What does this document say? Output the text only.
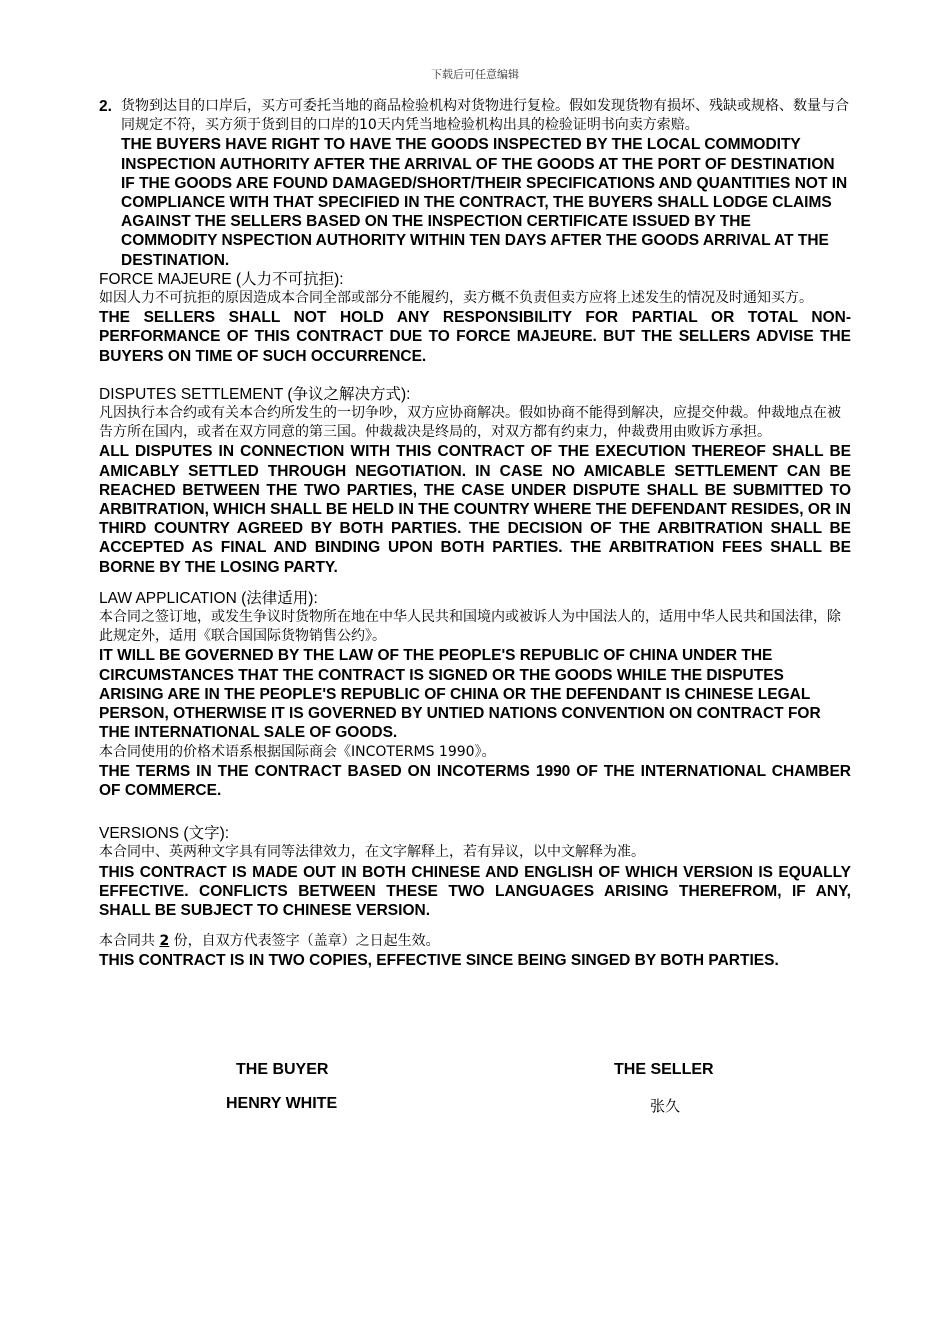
下载后可任意编辑
2. 货物到达目的口岸后，买方可委托当地的商品检验机构对货物进行复检。假如发现货物有损坏、残缺或规格、数量与合同规定不符，买方须于货到目的口岸的10天内凭当地检验机构出具的检验证明书向卖方索赔。
THE BUYERS HAVE RIGHT TO HAVE THE GOODS INSPECTED BY THE LOCAL COMMODITY INSPECTION AUTHORITY AFTER THE ARRIVAL OF THE GOODS AT THE PORT OF DESTINATION IF THE GOODS ARE FOUND DAMAGED/SHORT/THEIR SPECIFICATIONS AND QUANTITIES NOT IN COMPLIANCE WITH THAT SPECIFIED IN THE CONTRACT, THE BUYERS SHALL LODGE CLAIMS AGAINST THE SELLERS BASED ON THE INSPECTION CERTIFICATE ISSUED BY THE COMMODITY NSPECTION AUTHORITY WITHIN TEN DAYS AFTER THE GOODS ARRIVAL AT THE DESTINATION.
FORCE MAJEURE (人力不可抗拒):
如因人力不可抗拒的原因造成本合同全部或部分不能履约，卖方概不负责但卖方应将上述发生的情况及时通知买方。
THE SELLERS SHALL NOT HOLD ANY RESPONSIBILITY FOR PARTIAL OR TOTAL NON-PERFORMANCE OF THIS CONTRACT DUE TO FORCE MAJEURE. BUT THE SELLERS ADVISE THE BUYERS ON TIME OF SUCH OCCURRENCE.
DISPUTES SETTLEMENT (争议之解决方式):
凡因执行本合约或有关本合约所发生的一切争吵，双方应协商解决。假如协商不能得到解决，应提交仲裁。仲裁地点在被告方所在国内，或者在双方同意的第三国。仲裁裁决是终局的，对双方都有约束力，仲裁费用由败诉方承担。
ALL DISPUTES IN CONNECTION WITH THIS CONTRACT OF THE EXECUTION THEREOF SHALL BE AMICABLY SETTLED THROUGH NEGOTIATION. IN CASE NO AMICABLE SETTLEMENT CAN BE REACHED BETWEEN THE TWO PARTIES, THE CASE UNDER DISPUTE SHALL BE SUBMITTED TO ARBITRATION, WHICH SHALL BE HELD IN THE COUNTRY WHERE THE DEFENDANT RESIDES, OR IN THIRD COUNTRY AGREED BY BOTH PARTIES. THE DECISION OF THE ARBITRATION SHALL BE ACCEPTED AS FINAL AND BINDING UPON BOTH PARTIES. THE ARBITRATION FEES SHALL BE BORNE BY THE LOSING PARTY.
LAW APPLICATION (法律适用):
本合同之签订地，或发生争议时货物所在地在中华人民共和国境内或被诉人为中国法人的，适用中华人民共和国法律，除此规定外，适用《联合国国际货物销售公约》。
IT WILL BE GOVERNED BY THE LAW OF THE PEOPLE'S REPUBLIC OF CHINA UNDER THE CIRCUMSTANCES THAT THE CONTRACT IS SIGNED OR THE GOODS WHILE THE DISPUTES ARISING ARE IN THE PEOPLE'S REPUBLIC OF CHINA OR THE DEFENDANT IS CHINESE LEGAL PERSON, OTHERWISE IT IS GOVERNED BY UNTIED NATIONS CONVENTION ON CONTRACT FOR THE INTERNATIONAL SALE OF GOODS.
本合同使用的价格术语系根据国际商会《INCOTERMS 1990》。
THE TERMS IN THE CONTRACT BASED ON INCOTERMS 1990 OF THE INTERNATIONAL CHAMBER OF COMMERCE.
VERSIONS (文字):
本合同中、英两种文字具有同等法律效力，在文字解释上，若有异议，以中文解释为准。
THIS CONTRACT IS MADE OUT IN BOTH CHINESE AND ENGLISH OF WHICH VERSION IS EQUALLY EFFECTIVE. CONFLICTS BETWEEN THESE TWO LANGUAGES ARISING THEREFROM, IF ANY, SHALL BE SUBJECT TO CHINESE VERSION.
本合同共 2 份，自双方代表签字（盖章）之日起生效。
THIS CONTRACT IS IN TWO COPIES, EFFECTIVE SINCE BEING SINGED BY BOTH PARTIES.
THE BUYER
HENRY WHITE
THE SELLER
张久
